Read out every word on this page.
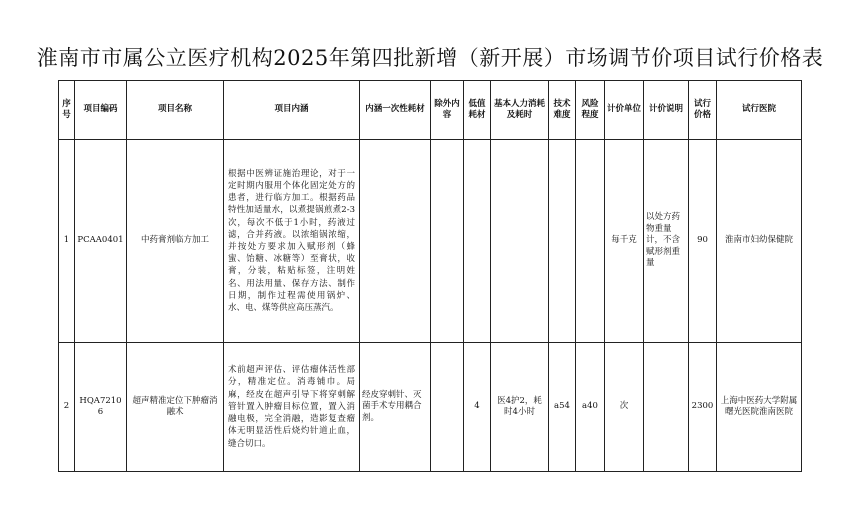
淮南市市属公立医疗机构2025年第四批新增（新开展）市场调节价项目试行价格表
序号	项目编码	项目名称	项目内涵	内涵一次性耗材	除外内容	低值耗材	基本人力消耗及耗时	技术难度	风险程度	计价单位	计价说明	试行价格	试行医院
1	PCAA0401	中药膏剂临方加工	根据中医辨证施治理论，对于一定时期内服用个体化固定处方的患者，进行临方加工。根据药品特性加适量水，以煮提锅煎煮2-3次，每次不低于1小时，药液过滤，合并药液。以浓缩锅浓缩，并按处方要求加入赋形剂（蜂蜜、饴糖、冰糖等）至膏状，收膏，分装，粘贴标签，注明姓名、用法用量、保存方法、制作日期，制作过程需使用锅炉、水、电、煤等供应高压蒸汽。							每千克	以处方药物重量计，不含赋形剂重量	90	淮南市妇幼保健院
2	HQA72106	超声精准定位下肿瘤消融术	术前超声评估、评估瘤体活性部分，精准定位。消毒铺巾。局麻，经皮在超声引导下将穿刺解管针置入肿瘤目标位置，置入消融电极，完全消融，造影复查瘤体无明显活性后烧灼针道止血，缝合切口。	经皮穿刺针、灭菌手术专用耦合剂。		4	医4护2，耗时4小时	a54	a40	次		2300	上海中医药大学附属曙光医院淮南医院
